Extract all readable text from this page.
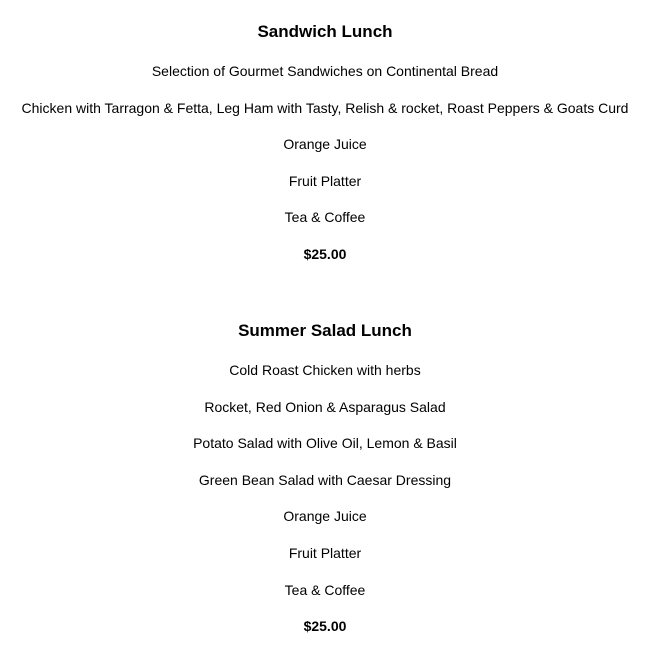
Sandwich Lunch

Selection of Gourmet Sandwiches on Continental Bread

Chicken with Tarragon & Fetta, Leg Ham with Tasty, Relish & rocket, Roast Peppers & Goats Curd

Orange Juice

Fruit Platter

Tea & Coffee

$25.00

Summer Salad Lunch

Cold Roast Chicken with herbs

Rocket, Red Onion & Asparagus Salad

Potato Salad with Olive Oil, Lemon & Basil

Green Bean Salad with Caesar Dressing

Orange Juice

Fruit Platter

Tea & Coffee

$25.00
